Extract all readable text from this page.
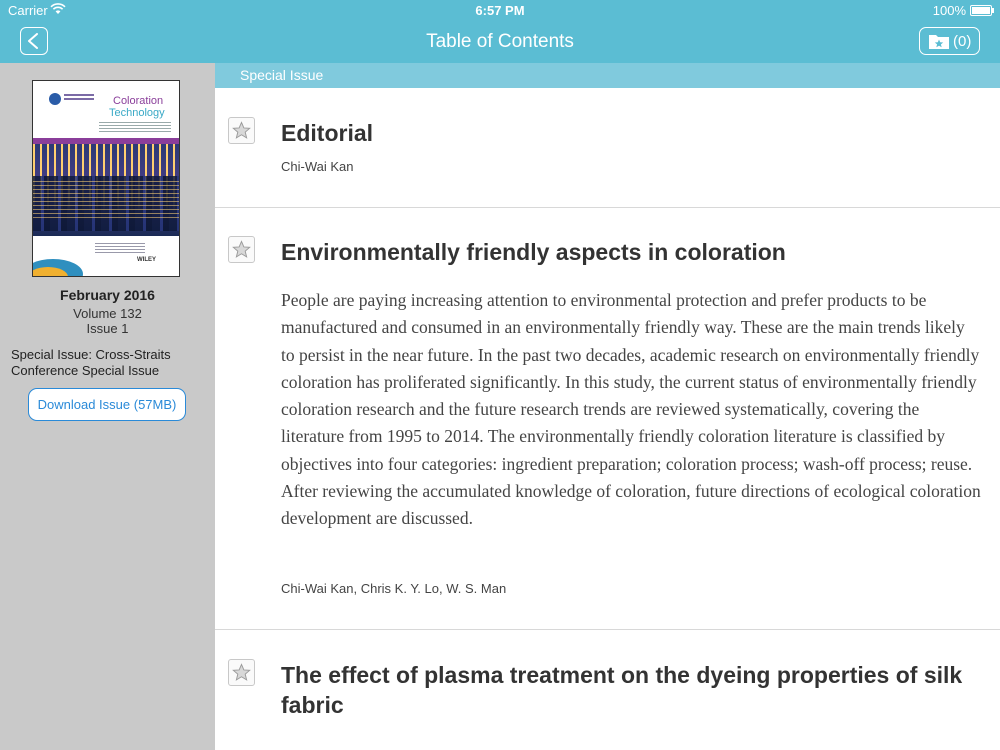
Carrier	6:57 PM	100%
Table of Contents	(0)
Coloration
Technology
WILEY
February 2016
Volume 132
Issue 1
Special Issue: Cross-Straits Conference Special Issue
Download Issue (57MB)
Special Issue
Editorial
Chi-Wai Kan
Environmentally friendly aspects in coloration
People are paying increasing attention to environmental protection and prefer products to be manufactured and consumed in an environmentally friendly way. These are the main trends likely to persist in the near future. In the past two decades, academic research on environmentally friendly coloration has proliferated significantly. In this study, the current status of environmentally friendly coloration research and the future research trends are reviewed systematically, covering the literature from 1995 to 2014. The environmentally friendly coloration literature is classified by objectives into four categories: ingredient preparation; coloration process; wash-off process; reuse. After reviewing the accumulated knowledge of coloration, future directions of ecological coloration development are discussed.
Chi-Wai Kan, Chris K. Y. Lo, W. S. Man
The effect of plasma treatment on the dyeing properties of silk fabric
